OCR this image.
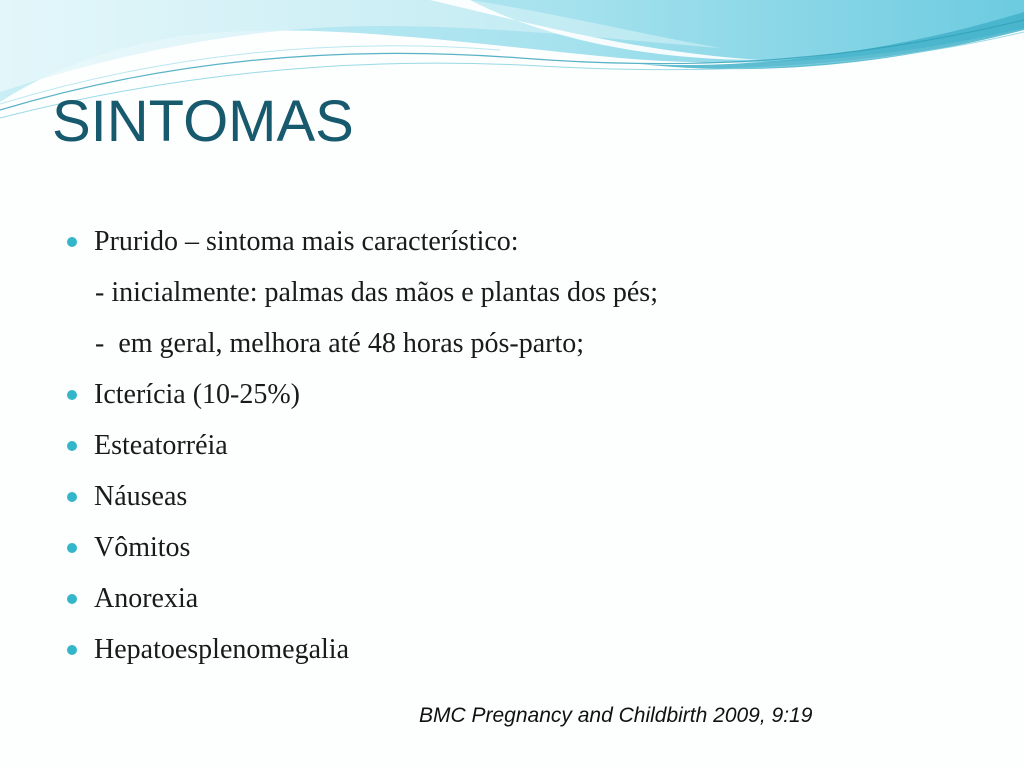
SINTOMAS
Prurido – sintoma mais característico:
- inicialmente: palmas das mãos e plantas dos pés;
-  em geral, melhora até 48 horas pós-parto;
Icterícia (10-25%)
Esteatorréia
Náuseas
Vômitos
Anorexia
Hepatoesplenomegalia

BMC Pregnancy and Childbirth 2009, 9:19
